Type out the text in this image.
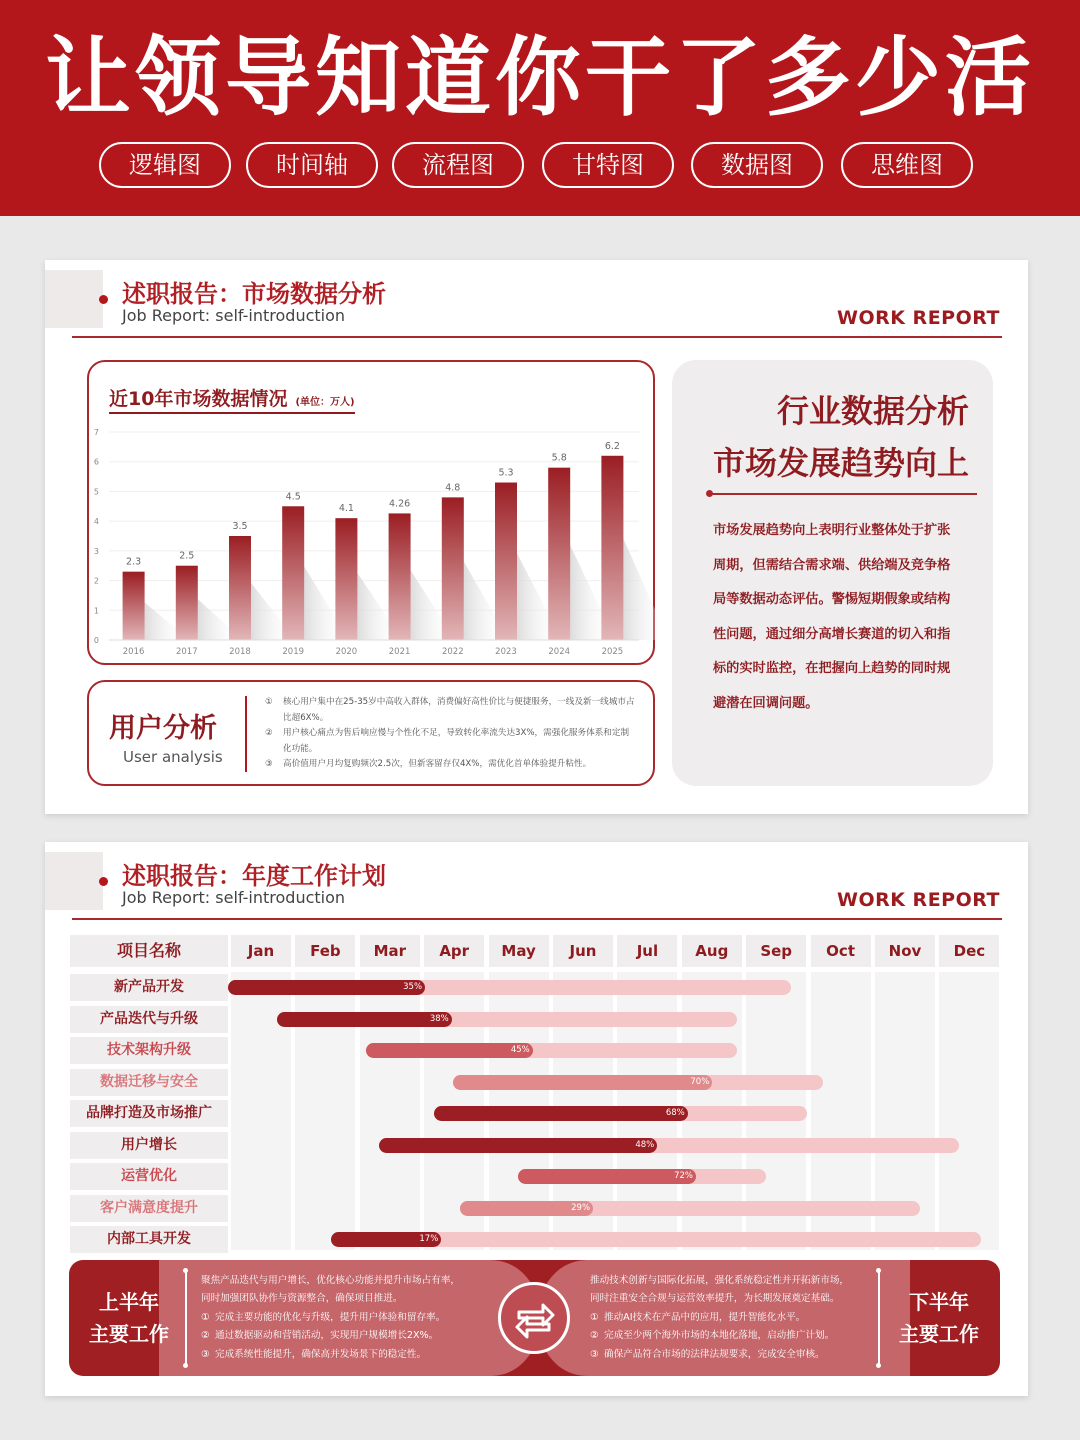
让领导知道你干了多少活
逻辑图	时间轴	流程图	甘特图	数据图	思维图
述职报告：市场数据分析
Job Report: self-introduction	WORK REPORT
0
1
2
3
4
5
6
7
2.3
2016
2.5
2017
3.5
2018
4.5
2019
4.1
2020
4.26
2021
4.8
2022
5.3
2023
5.8
2024
6.2
2025
近10年市场数据情况 (单位：万人)
用户分析
User analysis
① 核心用户集中在25-35岁中高收入群体，消费偏好高性价比与便捷服务，一线及新一线城市占比超6X%。
② 用户核心痛点为售后响应慢与个性化不足，导致转化率流失达3X%，需强化服务体系和定制化功能。
③ 高价值用户月均复购频次2.5次，但新客留存仅4X%，需优化首单体验提升粘性。
行业数据分析
市场发展趋势向上
市场发展趋势向上表明行业整体处于扩张周期，但需结合需求端、供给端及竞争格局等数据动态评估。警惕短期假象或结构性问题，通过细分高增长赛道的切入和指标的实时监控，在把握向上趋势的同时规避潜在回调问题。
述职报告：年度工作计划
Job Report: self-introduction	WORK REPORT
项目名称	Jan	Feb	Mar	Apr	May	Jun	Jul	Aug	Sep	Oct	Nov	Dec
新产品开发	35%
产品迭代与升级	38%
技术架构升级	45%
数据迁移与安全	70%
品牌打造及市场推广	68%
用户增长	48%
运营优化	72%
客户满意度提升	29%
内部工具开发	17%
上半年
主要工作
聚焦产品迭代与用户增长，优化核心功能并提升市场占有率，
同时加强团队协作与资源整合，确保项目推进。
① 完成主要功能的优化与升级，提升用户体验和留存率。
② 通过数据驱动和营销活动，实现用户规模增长2X%。
③ 完成系统性能提升，确保高并发场景下的稳定性。
推动技术创新与国际化拓展，强化系统稳定性并开拓新市场，
同时注重安全合规与运营效率提升，为长期发展奠定基础。
① 推动AI技术在产品中的应用，提升智能化水平。
② 完成至少两个海外市场的本地化落地，启动推广计划。
③ 确保产品符合市场的法律法规要求，完成安全审核。
下半年
主要工作
